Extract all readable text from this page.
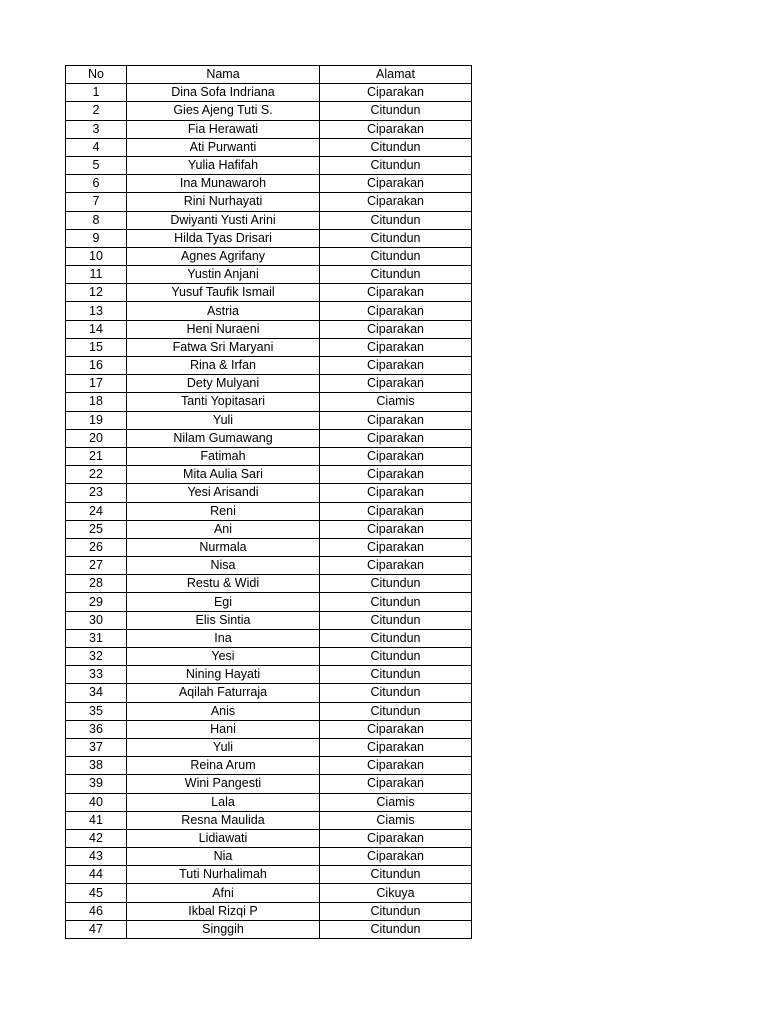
No	Nama	Alamat
1	Dina Sofa Indriana	Ciparakan
2	Gies Ajeng Tuti S.	Citundun
3	Fia Herawati	Ciparakan
4	Ati Purwanti	Citundun
5	Yulia Hafifah	Citundun
6	Ina Munawaroh	Ciparakan
7	Rini Nurhayati	Ciparakan
8	Dwiyanti Yusti Arini	Citundun
9	Hilda Tyas Drisari	Citundun
10	Agnes Agrifany	Citundun
11	Yustin Anjani	Citundun
12	Yusuf Taufik Ismail	Ciparakan
13	Astria	Ciparakan
14	Heni Nuraeni	Ciparakan
15	Fatwa Sri Maryani	Ciparakan
16	Rina & Irfan	Ciparakan
17	Dety Mulyani	Ciparakan
18	Tanti Yopitasari	Ciamis
19	Yuli	Ciparakan
20	Nilam Gumawang	Ciparakan
21	Fatimah	Ciparakan
22	Mita Aulia Sari	Ciparakan
23	Yesi Arisandi	Ciparakan
24	Reni	Ciparakan
25	Ani	Ciparakan
26	Nurmala	Ciparakan
27	Nisa	Ciparakan
28	Restu & Widi	Citundun
29	Egi	Citundun
30	Elis Sintia	Citundun
31	Ina	Citundun
32	Yesi	Citundun
33	Nining Hayati	Citundun
34	Aqilah Faturraja	Citundun
35	Anis	Citundun
36	Hani	Ciparakan
37	Yuli	Ciparakan
38	Reina Arum	Ciparakan
39	Wini Pangesti	Ciparakan
40	Lala	Ciamis
41	Resna Maulida	Ciamis
42	Lidiawati	Ciparakan
43	Nia	Ciparakan
44	Tuti Nurhalimah	Citundun
45	Afni	Cikuya
46	Ikbal Rizqi P	Citundun
47	Singgih	Citundun
